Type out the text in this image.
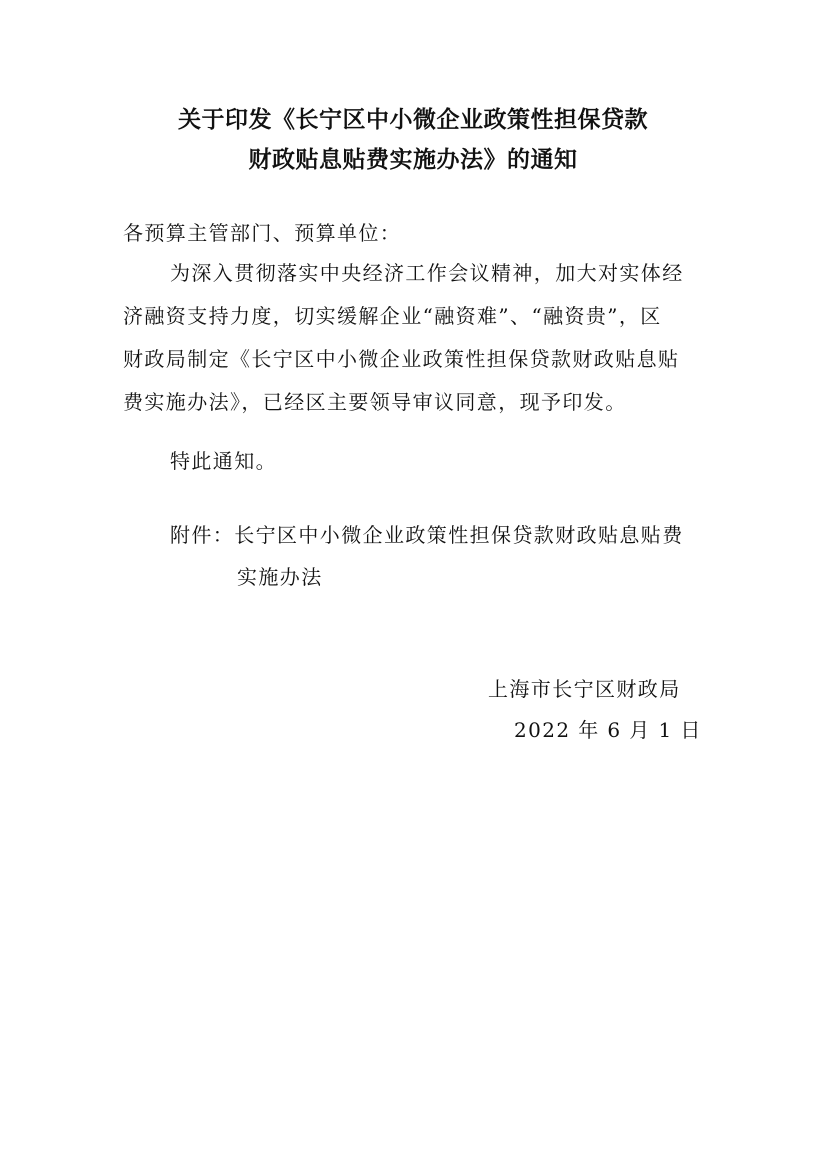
关于印发《长宁区中小微企业政策性担保贷款
财政贴息贴费实施办法》的通知
各预算主管部门、预算单位：
为深入贯彻落实中央经济工作会议精神，加大对实体经
济融资支持力度，切实缓解企业“融资难”、“融资贵”，区
财政局制定《长宁区中小微企业政策性担保贷款财政贴息贴
费实施办法》，已经区主要领导审议同意，现予印发。
特此通知。
附件：长宁区中小微企业政策性担保贷款财政贴息贴费
实施办法
上海市长宁区财政局
2022 年 6 月 1 日
